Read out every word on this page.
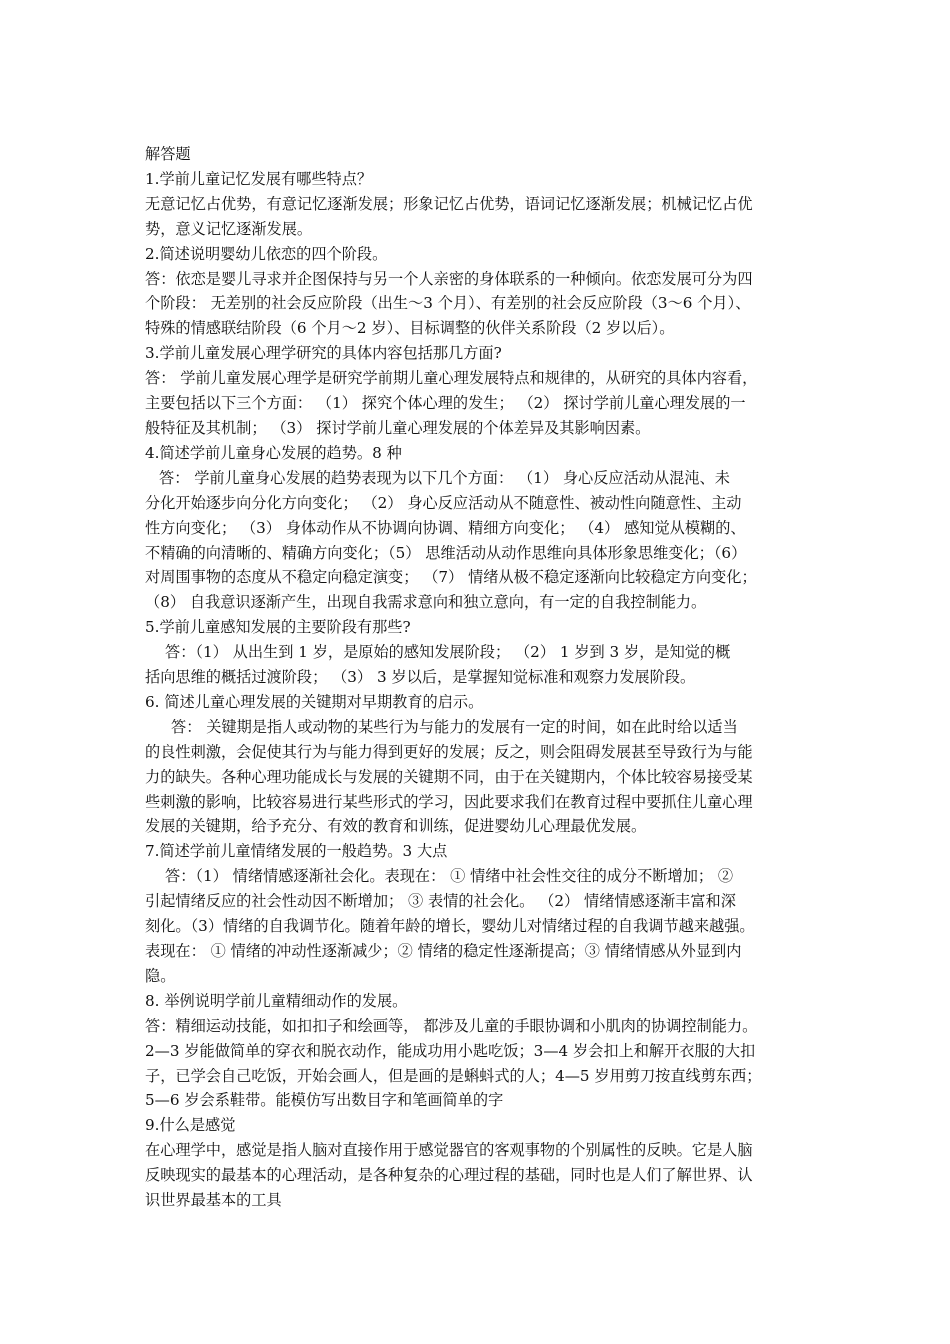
解答题
1.学前儿童记忆发展有哪些特点？
无意记忆占优势，有意记忆逐渐发展；形象记忆占优势，语词记忆逐渐发展；机械记忆占优
势，意义记忆逐渐发展。
2.简述说明婴幼儿依恋的四个阶段。
答：依恋是婴儿寻求并企图保持与另一个人亲密的身体联系的一种倾向。依恋发展可分为四
个阶段： 无差别的社会反应阶段（出生～3 个月）、有差别的社会反应阶段（3～6 个月）、
特殊的情感联结阶段（6 个月～2 岁）、目标调整的伙伴关系阶段（2 岁以后）。
3.学前儿童发展心理学研究的具体内容包括那几方面?
答： 学前儿童发展心理学是研究学前期儿童心理发展特点和规律的，从研究的具体内容看，
主要包括以下三个方面： （1） 探究个体心理的发生； （2） 探讨学前儿童心理发展的一
般特征及其机制； （3） 探讨学前儿童心理发展的个体差异及其影响因素。
4.简述学前儿童身心发展的趋势。8 种
答： 学前儿童身心发展的趋势表现为以下几个方面： （1） 身心反应活动从混沌、未
分化开始逐步向分化方向变化； （2） 身心反应活动从不随意性、被动性向随意性、主动
性方向变化； （3） 身体动作从不协调向协调、精细方向变化； （4） 感知觉从模糊的、
不精确的向清晰的、精确方向变化；（5） 思维活动从动作思维向具体形象思维变化；（6）
对周围事物的态度从不稳定向稳定演变； （7） 情绪从极不稳定逐渐向比较稳定方向变化；
（8） 自我意识逐渐产生，出现自我需求意向和独立意向，有一定的自我控制能力。
5.学前儿童感知发展的主要阶段有那些?
答：（1） 从出生到 1 岁，是原始的感知发展阶段； （2） 1 岁到 3 岁，是知觉的概
括向思维的概括过渡阶段； （3） 3 岁以后，是掌握知觉标准和观察力发展阶段。
6. 简述儿童心理发展的关键期对早期教育的启示。
答： 关键期是指人或动物的某些行为与能力的发展有一定的时间，如在此时给以适当
的良性刺激，会促使其行为与能力得到更好的发展；反之，则会阻碍发展甚至导致行为与能
力的缺失。各种心理功能成长与发展的关键期不同，由于在关键期内，个体比较容易接受某
些刺激的影响，比较容易进行某些形式的学习，因此要求我们在教育过程中要抓住儿童心理
发展的关键期，给予充分、有效的教育和训练，促进婴幼儿心理最优发展。
7.简述学前儿童情绪发展的一般趋势。3 大点
答：（1） 情绪情感逐渐社会化。表现在： ① 情绪中社会性交往的成分不断增加； ②
引起情绪反应的社会性动因不断增加； ③ 表情的社会化。 （2） 情绪情感逐渐丰富和深
刻化。（3）情绪的自我调节化。随着年龄的增长，婴幼儿对情绪过程的自我调节越来越强。
表现在： ① 情绪的冲动性逐渐减少；② 情绪的稳定性逐渐提高；③ 情绪情感从外显到内
隐。
8. 举例说明学前儿童精细动作的发展。
答：精细运动技能，如扣扣子和绘画等， 都涉及儿童的手眼协调和小肌肉的协调控制能力。
2—3 岁能做简单的穿衣和脱衣动作，能成功用小匙吃饭；3—4 岁会扣上和解开衣服的大扣
子，已学会自己吃饭，开始会画人，但是画的是蝌蚪式的人；4—5 岁用剪刀按直线剪东西；
5—6 岁会系鞋带。能模仿写出数目字和笔画简单的字
9.什么是感觉
在心理学中，感觉是指人脑对直接作用于感觉器官的客观事物的个别属性的反映。它是人脑
反映现实的最基本的心理活动，是各种复杂的心理过程的基础，同时也是人们了解世界、认
识世界最基本的工具
